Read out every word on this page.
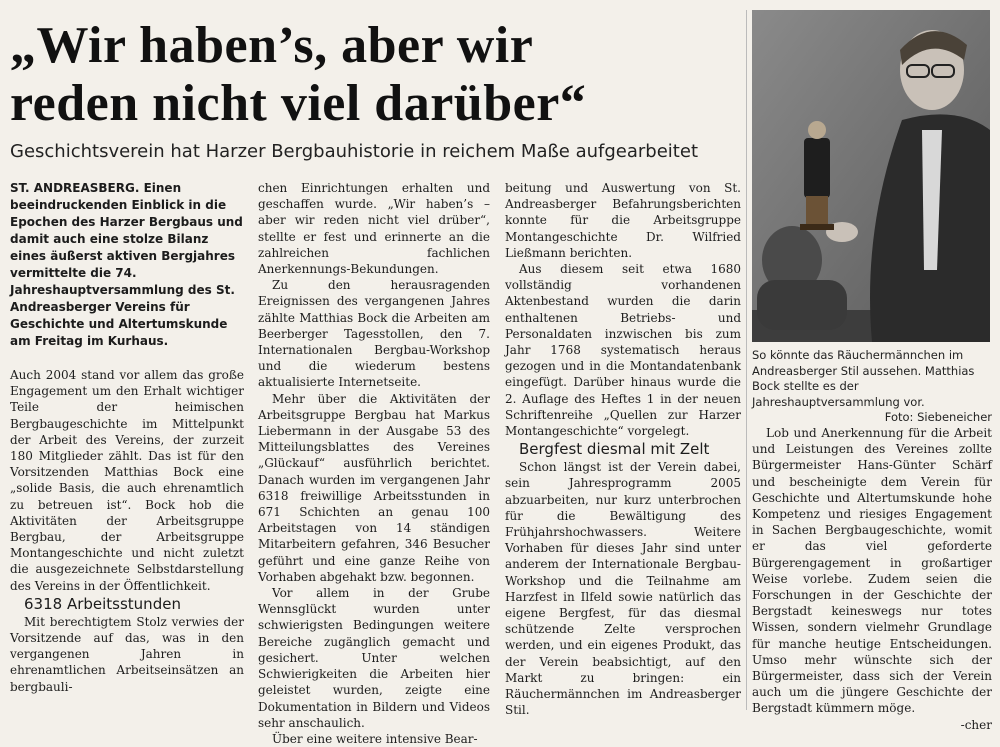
„Wir haben’s, aber wir
reden nicht viel darüber“
Geschichtsverein hat Harzer Bergbauhistorie in reichem Maße aufgearbeitet

ST. ANDREASBERG. Einen beeindruckenden Einblick in die Epochen des Harzer Bergbaus und damit auch eine stolze Bilanz eines äußerst aktiven Bergjahres vermittelte die 74. Jahreshauptversammlung des St. Andreasberger Vereins für Geschichte und Altertumskunde am Freitag im Kurhaus.

Auch 2004 stand vor allem das große Engagement um den Erhalt wichtiger Teile der heimischen Bergbaugeschichte im Mittelpunkt der Arbeit des Vereins, der zurzeit 180 Mitglieder zählt. Das ist für den Vorsitzenden Matthias Bock eine „solide Basis, die auch ehrenamtlich zu betreuen ist“. Bock hob die Aktivitäten der Arbeitsgruppe Bergbau, der Arbeitsgruppe Montangeschichte und nicht zuletzt die ausgezeichnete Selbstdarstellung des Vereins in der Öffentlichkeit.

6318 Arbeitsstunden

Mit berechtigtem Stolz verwies der Vorsitzende auf das, was in den vergangenen Jahren in ehrenamtlichen Arbeitseinsätzen an bergbauli-

chen Einrichtungen erhalten und geschaffen wurde. „Wir haben’s – aber wir reden nicht viel drüber“, stellte er fest und erinnerte an die zahlreichen fachlichen Anerkennungs-Bekundungen.

Zu den herausragenden Ereignissen des vergangenen Jahres zählte Matthias Bock die Arbeiten am Beerberger Tagesstollen, den 7. Internationalen Bergbau-Workshop und die wiederum bestens aktualisierte Internetseite.

Mehr über die Aktivitäten der Arbeitsgruppe Bergbau hat Markus Liebermann in der Ausgabe 53 des Mitteilungsblattes des Vereines „Glückauf“ ausführlich berichtet. Danach wurden im vergangenen Jahr 6318 freiwillige Arbeitsstunden in 671 Schichten an genau 100 Arbeitstagen von 14 ständigen Mitarbeitern gefahren, 346 Besucher geführt und eine ganze Reihe von Vorhaben abgehakt bzw. begonnen.

Vor allem in der Grube Wennsglückt wurden unter schwierigsten Bedingungen weitere Bereiche zugänglich gemacht und gesichert. Unter welchen Schwierigkeiten die Arbeiten hier geleistet wurden, zeigte eine Dokumentation in Bildern und Videos sehr anschaulich.

Über eine weitere intensive Bear-

beitung und Auswertung von St. Andreasberger Befahrungsberichten konnte für die Arbeitsgruppe Montangeschichte Dr. Wilfried Ließmann berichten.

Aus diesem seit etwa 1680 vollständig vorhandenen Aktenbestand wurden die darin enthaltenen Betriebs- und Personaldaten inzwischen bis zum Jahr 1768 systematisch heraus gezogen und in die Montandatenbank eingefügt. Darüber hinaus wurde die 2. Auflage des Heftes 1 in der neuen Schriftenreihe „Quellen zur Harzer Montangeschichte“ vorgelegt.

Bergfest diesmal mit Zelt

Schon längst ist der Verein dabei, sein Jahresprogramm 2005 abzuarbeiten, nur kurz unterbrochen für die Bewältigung des Frühjahrshochwassers. Weitere Vorhaben für dieses Jahr sind unter anderem der Internationale Bergbau-Workshop und die Teilnahme am Harzfest in Ilfeld sowie natürlich das eigene Bergfest, für das diesmal schützende Zelte versprochen werden, und ein eigenes Produkt, das der Verein beabsichtigt, auf den Markt zu bringen: ein Räuchermännchen im Andreasberger Stil.

So könnte das Räuchermännchen im Andreasberger Stil aussehen. Matthias Bock stellte es der Jahreshauptversammlung vor.
Foto: Siebeneicher

Lob und Anerkennung für die Arbeit und Leistungen des Vereines zollte Bürgermeister Hans-Günter Schärf und bescheinigte dem Verein für Geschichte und Altertumskunde hohe Kompetenz und riesiges Engagement in Sachen Bergbaugeschichte, womit er das viel geforderte Bürgerengagement in großartiger Weise vorlebe. Zudem seien die Forschungen in der Geschichte der Bergstadt keineswegs nur totes Wissen, sondern vielmehr Grundlage für manche heutige Entscheidungen. Umso mehr wünschte sich der Bürgermeister, dass sich der Verein auch um die jüngere Geschichte der Bergstadt kümmern möge.

-cher
